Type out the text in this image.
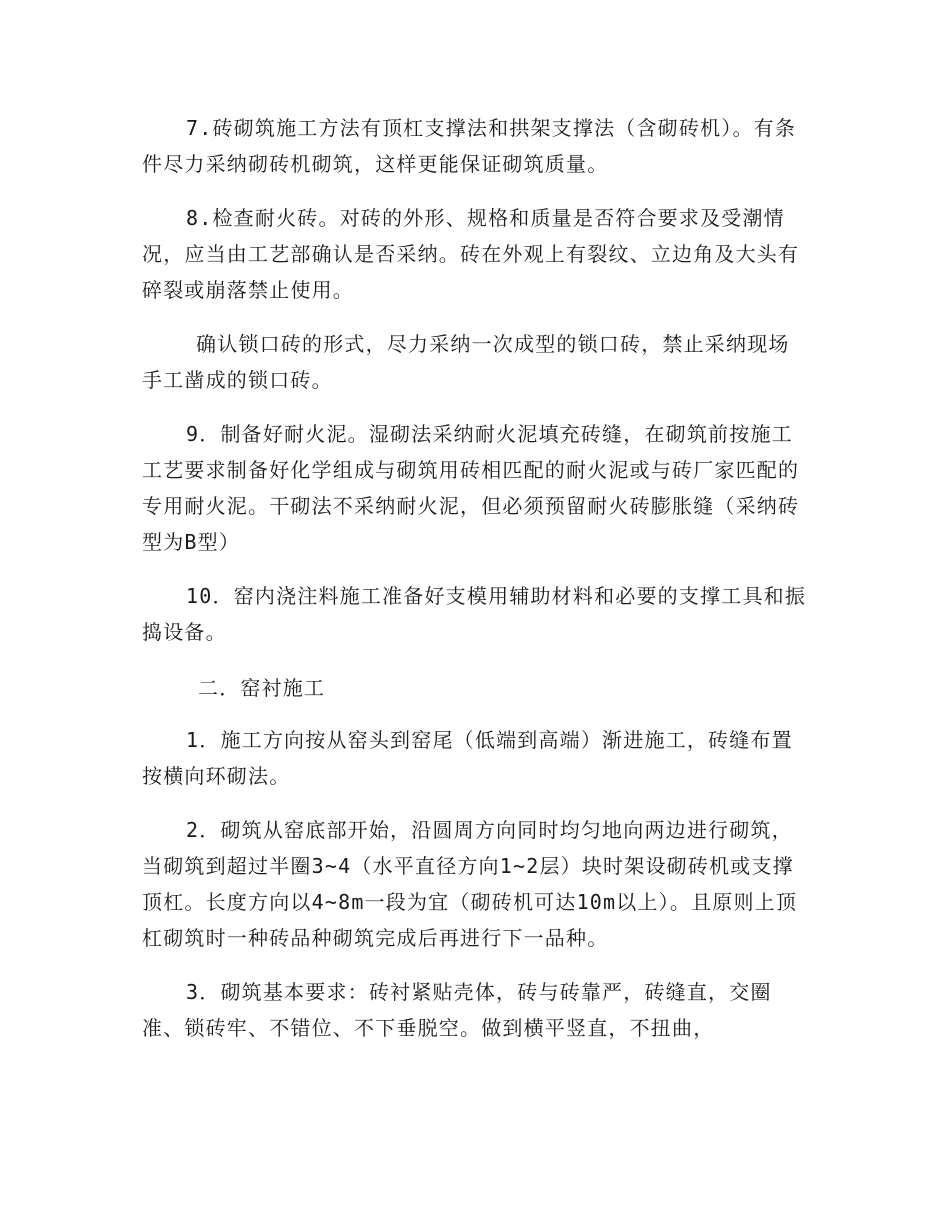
7.砖砌筑施工方法有顶杠支撑法和拱架支撑法（含砌砖机）。有条件尽力采纳砌砖机砌筑，这样更能保证砌筑质量。

8.检查耐火砖。对砖的外形、规格和质量是否符合要求及受潮情况，应当由工艺部确认是否采纳。砖在外观上有裂纹、立边角及大头有碎裂或崩落禁止使用。

确认锁口砖的形式，尽力采纳一次成型的锁口砖，禁止采纳现场手工凿成的锁口砖。

9．制备好耐火泥。湿砌法采纳耐火泥填充砖缝，在砌筑前按施工工艺要求制备好化学组成与砌筑用砖相匹配的耐火泥或与砖厂家匹配的专用耐火泥。干砌法不采纳耐火泥，但必须预留耐火砖膨胀缝（采纳砖型为B型）

10．窑内浇注料施工准备好支模用辅助材料和必要的支撑工具和振捣设备。

二．窑衬施工

1．施工方向按从窑头到窑尾（低端到高端）渐进施工，砖缝布置按横向环砌法。

2．砌筑从窑底部开始，沿圆周方向同时均匀地向两边进行砌筑，当砌筑到超过半圈3~4（水平直径方向1~2层）块时架设砌砖机或支撑顶杠。长度方向以4~8m一段为宜（砌砖机可达10m以上）。且原则上顶杠砌筑时一种砖品种砌筑完成后再进行下一品种。

3．砌筑基本要求：砖衬紧贴壳体，砖与砖靠严，砖缝直，交圈准、锁砖牢、不错位、不下垂脱空。做到横平竖直，不扭曲，
